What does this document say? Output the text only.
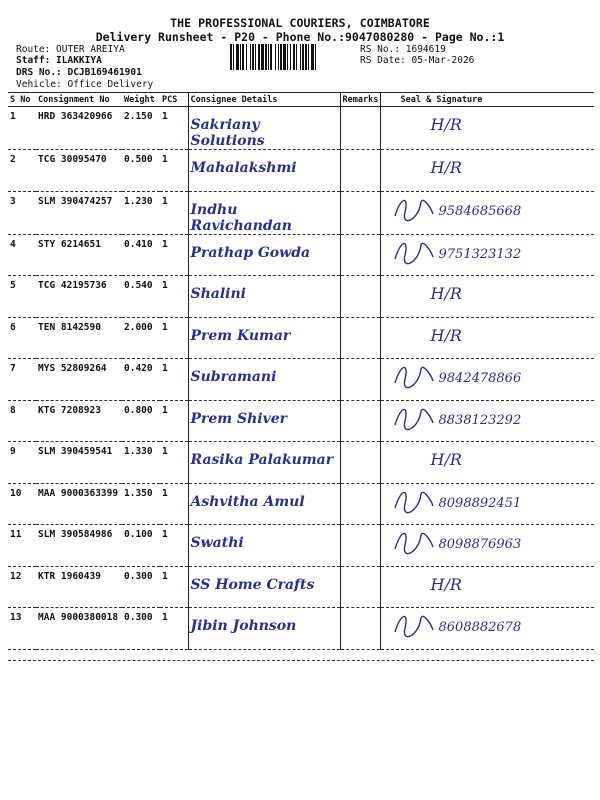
THE PROFESSIONAL COURIERS, COIMBATORE
Delivery Runsheet - P20 - Phone No.:9047080280 - Page No.:1
Route: OUTER AREIYA
Staff: ILAKKIYA
DRS No.: DCJB169461901
Vehicle: Office Delivery
RS No.: 1694619
RS Date: 05-Mar-2026
S No	Consignment No	Weight	PCS	Consignee Details	Remarks	Seal & Signature
1	HRD 363420966	2.150	1	Sakriany Solutions		H/R

2	TCG 30095470	0.500	1	Mahalakshmi		H/R

3	SLM 390474257	1.230	1	Indhu Ravichandan		9584685668

4	STY 6214651	0.410	1	Prathap Gowda		9751323132

5	TCG 42195736	0.540	1	Shalini		H/R

6	TEN 8142590	2.000	1	Prem Kumar		H/R

7	MYS 52809264	0.420	1	Subramani		9842478866

8	KTG 7208923	0.800	1	Prem Shiver		8838123292

9	SLM 390459541	1.330	1	Rasika Palakumar		H/R

10	MAA 9000363399	1.350	1	Ashvitha Amul		8098892451

11	SLM 390584986	0.100	1	Swathi		8098876963

12	KTR 1960439	0.300	1	SS Home Crafts		H/R

13	MAA 9000380018	0.300	1	Jibin Johnson		8608882678
